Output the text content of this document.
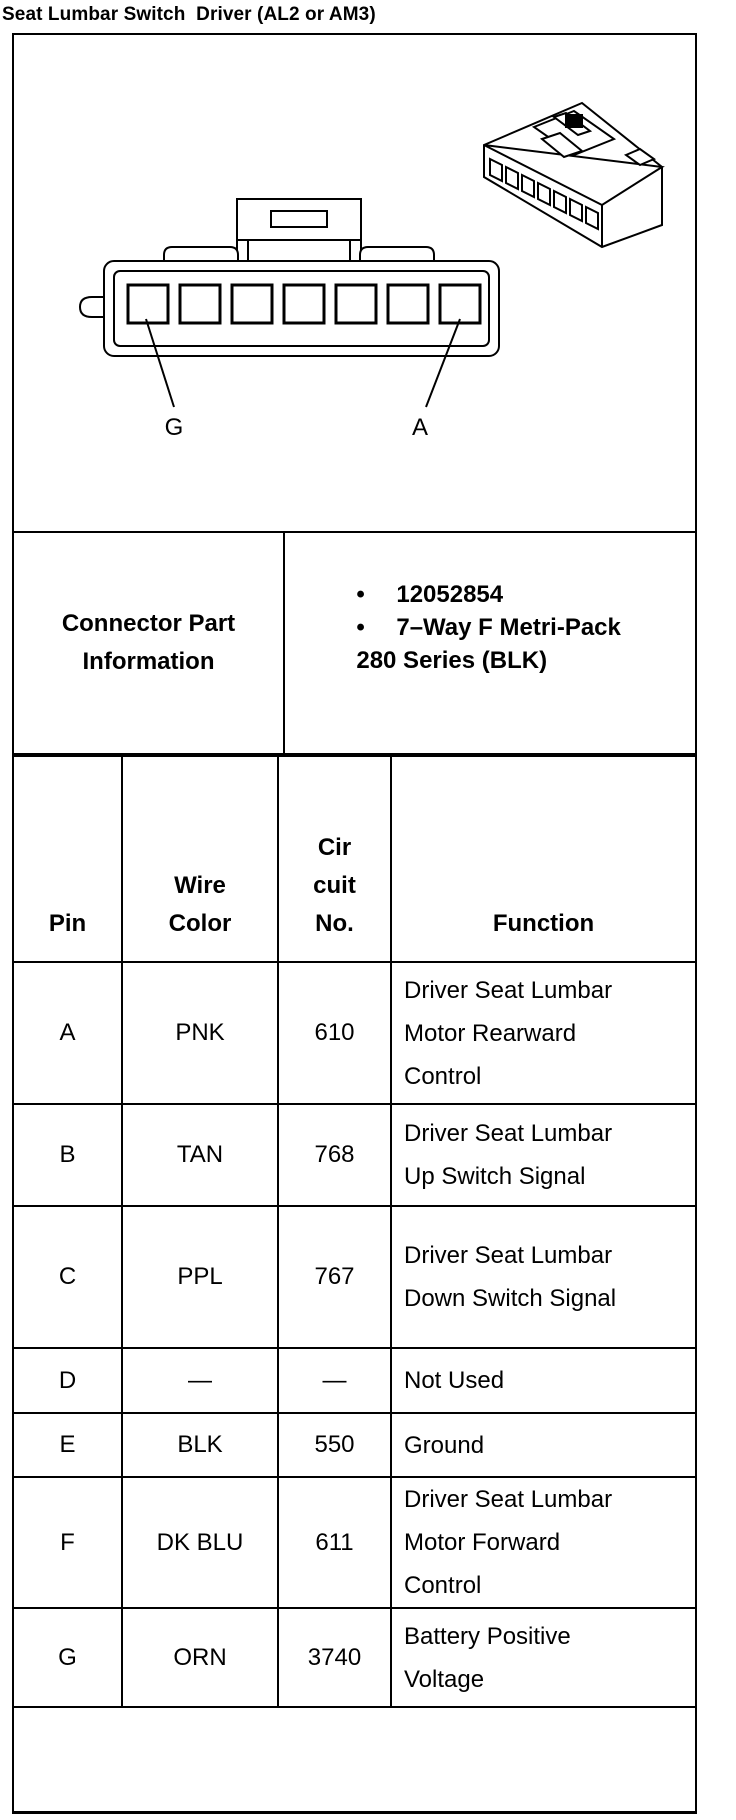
Seat Lumbar Switch  Driver (AL2 or AM3)
G	A
Connector Part Information

• 12052854

• 7–Way F Metri-Pack

280 Series (BLK)

Pin	Wire Color	Cir cuit No.	Function
A	PNK	610	Driver Seat Lumbar Motor Rearward Control

B	TAN	768	Driver Seat Lumbar Up Switch Signal

C	PPL	767	Driver Seat Lumbar Down Switch Signal

D	—	—	Not Used
E	BLK	550	Ground
F	DK BLU	611	Driver Seat Lumbar Motor Forward Control

G	ORN	3740	Battery Positive Voltage
